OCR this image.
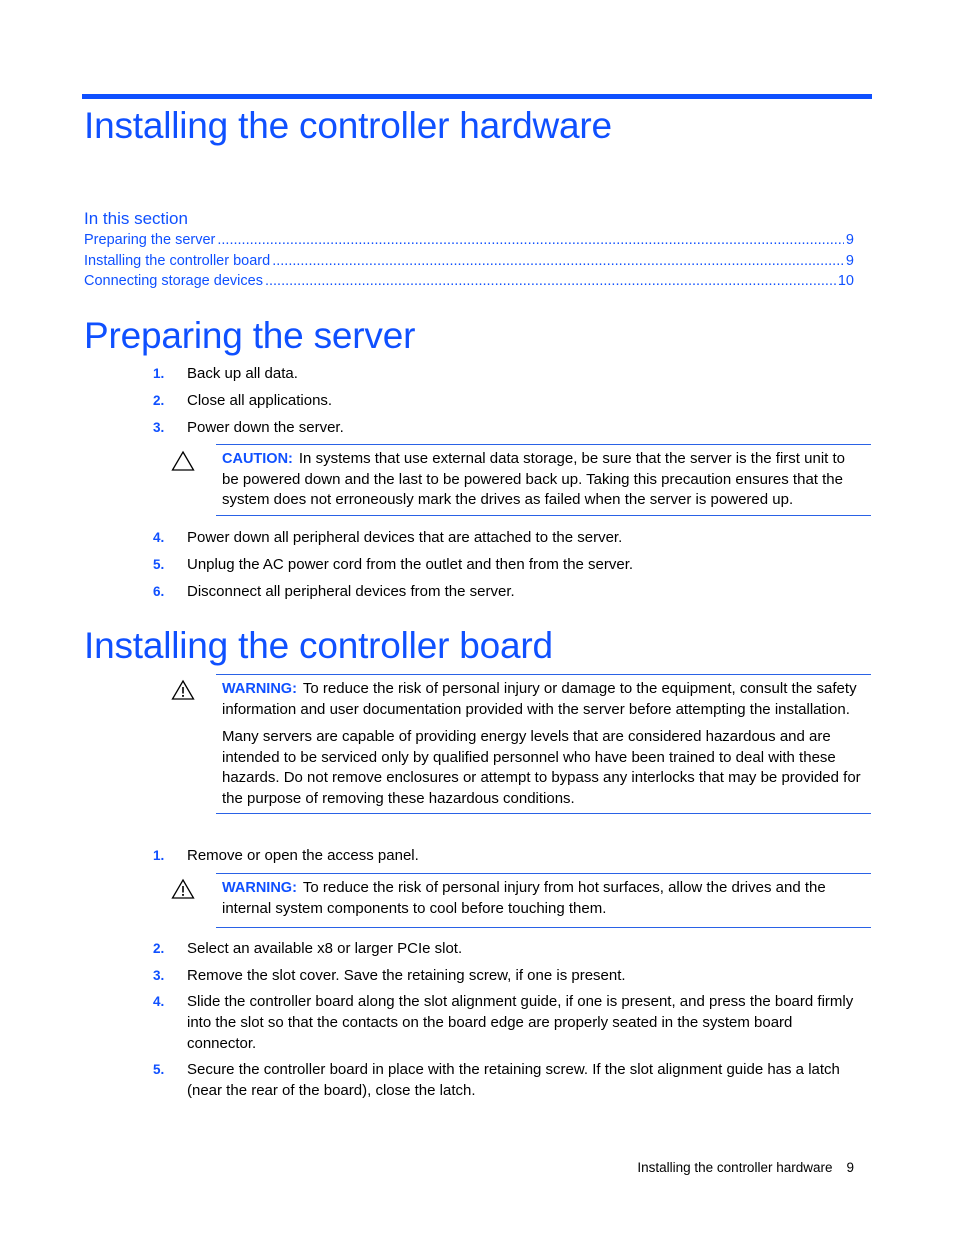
Installing the controller hardware
In this section
Preparing the server .....	9
Installing the controller board .....	9
Connecting storage devices .....	10
Preparing the server
1.	Back up all data.
2.	Close all applications.
3.	Power down the server.

CAUTION: In systems that use external data storage, be sure that the server is the first unit to be powered down and the last to be powered back up. Taking this precaution ensures that the system does not erroneously mark the drives as failed when the server is powered up.

4.	Power down all peripheral devices that are attached to the server.
5.	Unplug the AC power cord from the outlet and then from the server.
6.	Disconnect all peripheral devices from the server.
Installing the controller board

WARNING: To reduce the risk of personal injury or damage to the equipment, consult the safety information and user documentation provided with the server before attempting the installation.

Many servers are capable of providing energy levels that are considered hazardous and are intended to be serviced only by qualified personnel who have been trained to deal with these hazards. Do not remove enclosures or attempt to bypass any interlocks that may be provided for the purpose of removing these hazardous conditions.

1.	Remove or open the access panel.

WARNING: To reduce the risk of personal injury from hot surfaces, allow the drives and the internal system components to cool before touching them.

2.	Select an available x8 or larger PCIe slot.
3.	Remove the slot cover. Save the retaining screw, if one is present.
4.	Slide the controller board along the slot alignment guide, if one is present, and press the board firmly into the slot so that the contacts on the board edge are properly seated in the system board connector.
5.	Secure the controller board in place with the retaining screw. If the slot alignment guide has a latch (near the rear of the board), close the latch.
Installing the controller hardware 9
